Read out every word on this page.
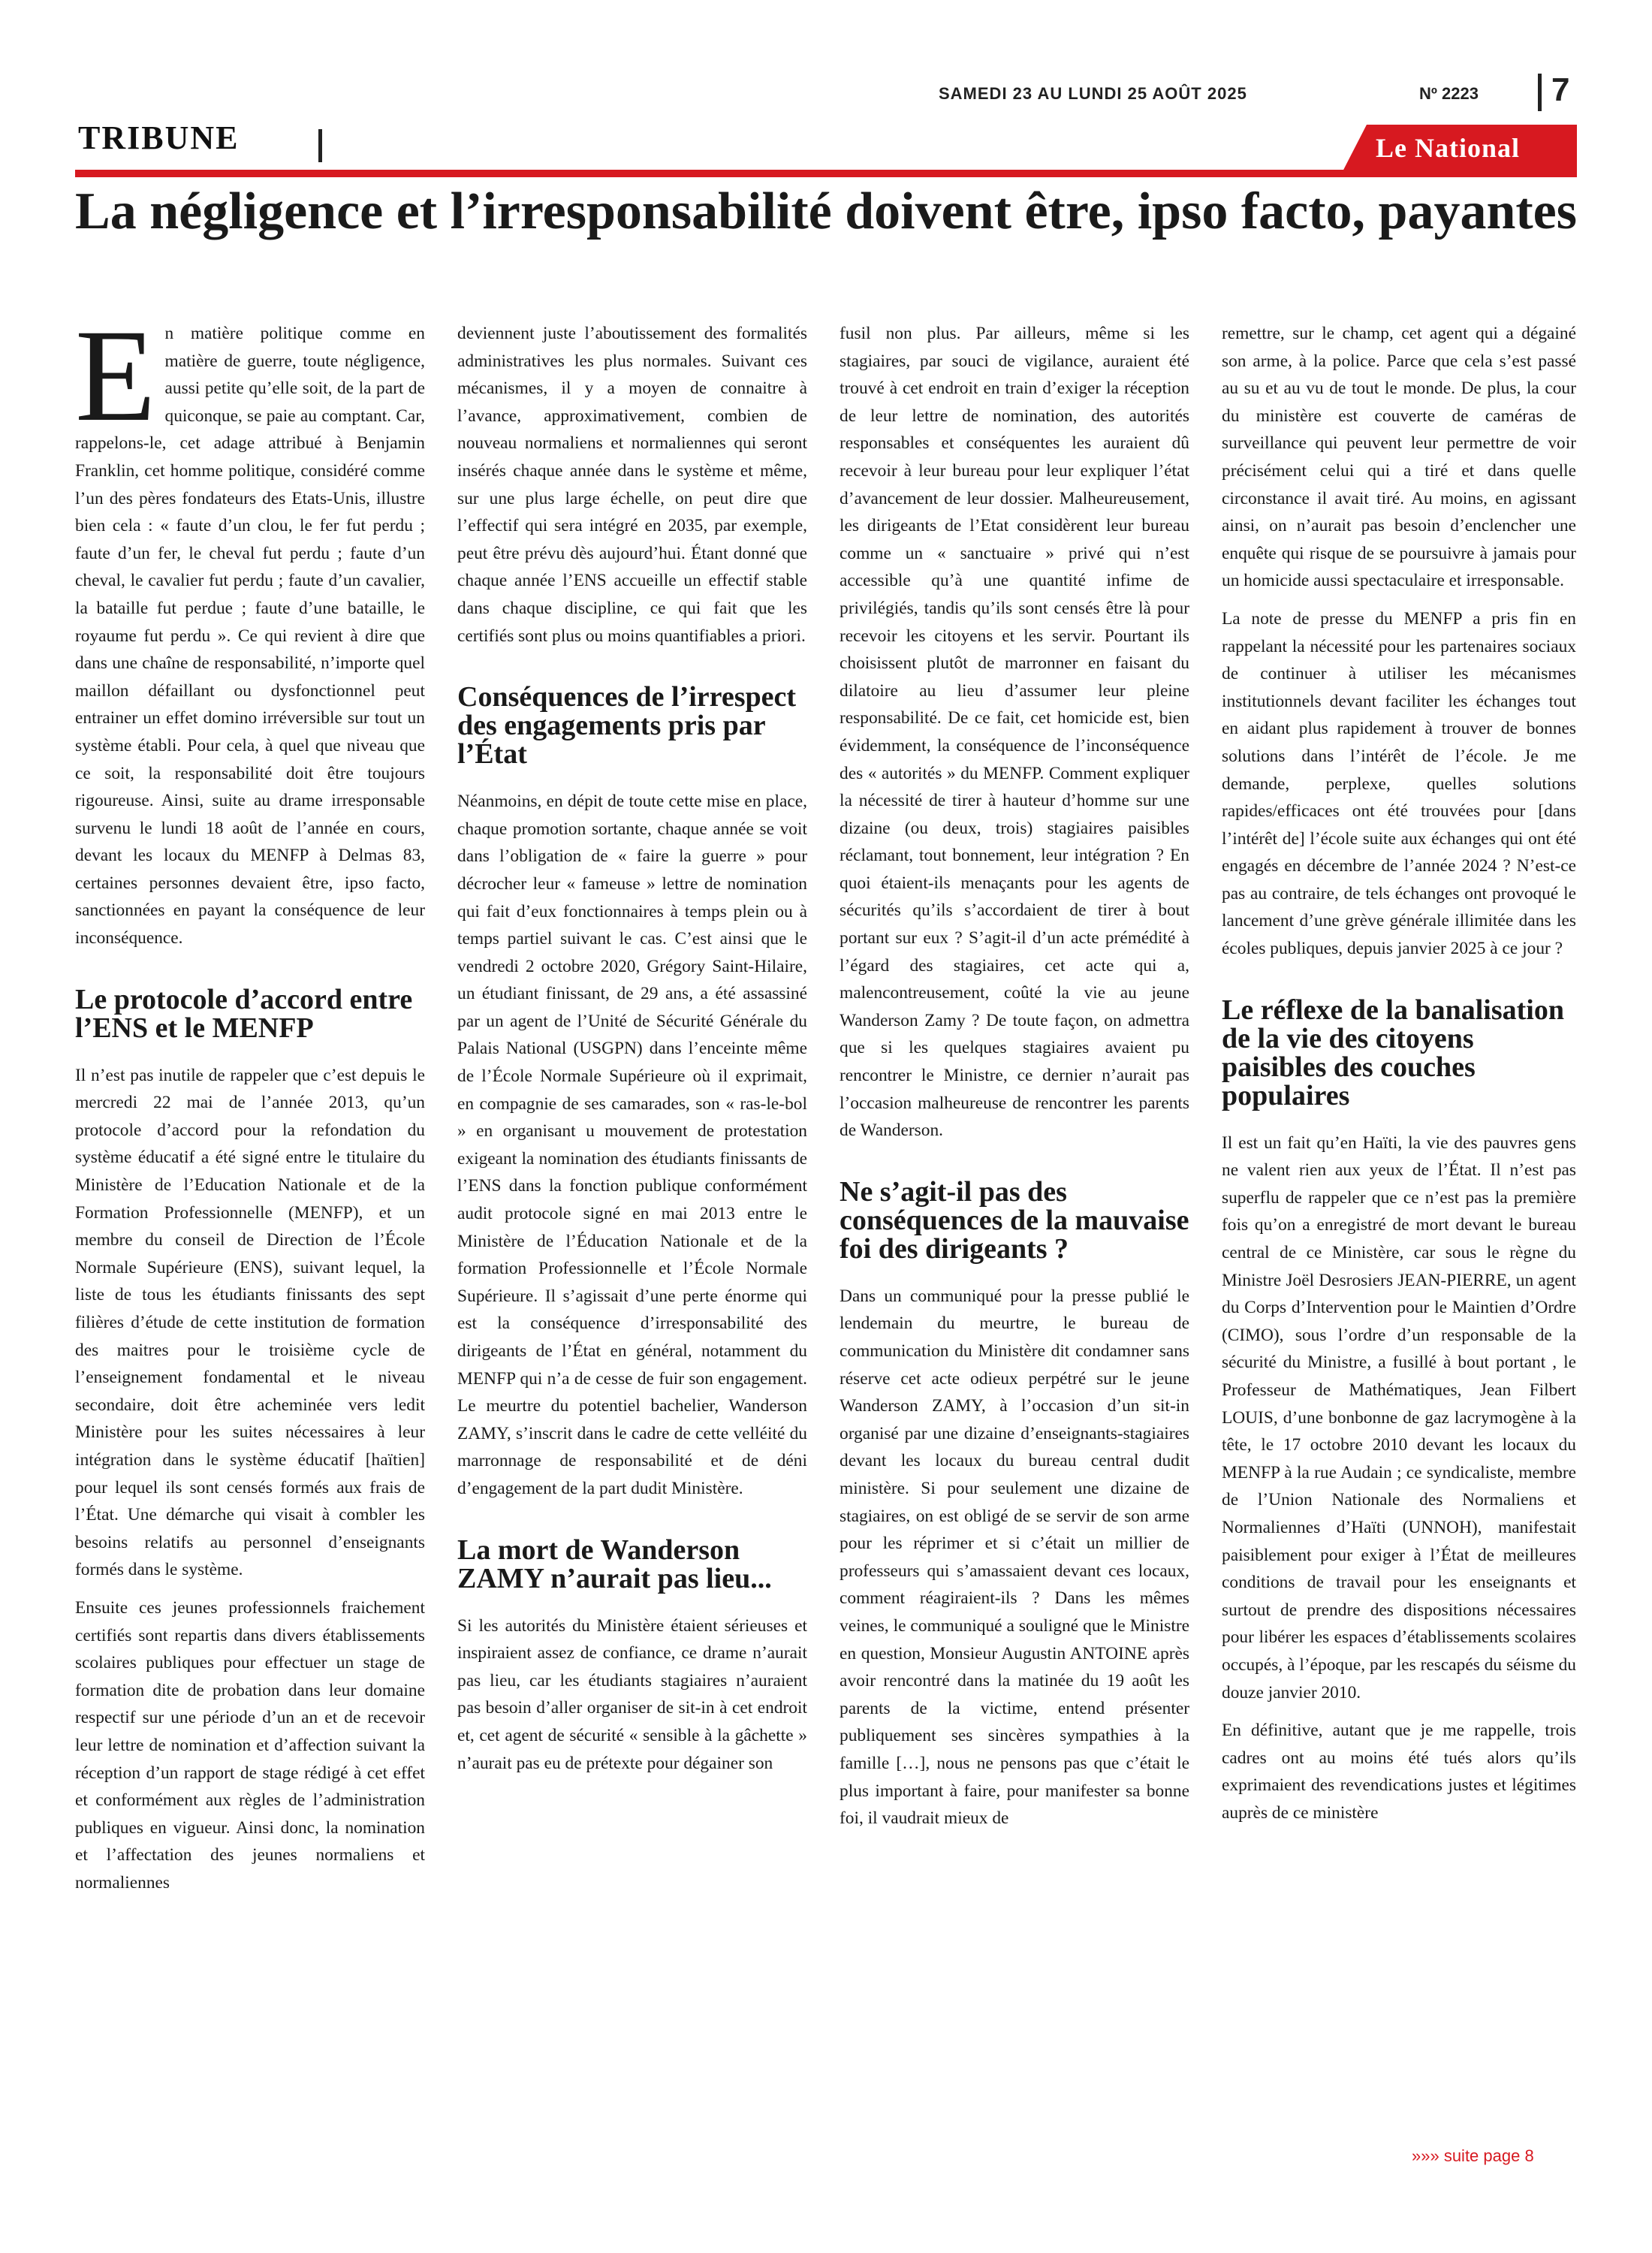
SAMEDI 23 AU LUNDI 25 AOÛT 2025	Nº 2223 7
TRIBUNE	Le National
La négligence et l’irresponsabilité doivent être, ipso facto, payantes

En matière politique comme en matière de guerre, toute négligence, aussi petite qu’elle soit, de la part de quiconque, se paie au comptant. Car, rappelons-le, cet adage attribué à Benjamin Franklin, cet homme politique, considéré comme l’un des pères fondateurs des Etats-Unis, illustre bien cela : « faute d’un clou, le fer fut perdu ; faute d’un fer, le cheval fut perdu ; faute d’un cheval, le cavalier fut perdu ; faute d’un cavalier, la bataille fut perdue ; faute d’une bataille, le royaume fut perdu ». Ce qui revient à dire que dans une chaîne de responsabilité, n’importe quel maillon défaillant ou dysfonctionnel peut entrainer un effet domino irréversible sur tout un système établi. Pour cela, à quel que niveau que ce soit, la responsabilité doit être toujours rigoureuse. Ainsi, suite au drame irresponsable survenu le lundi 18 août de l’année en cours, devant les locaux du MENFP à Delmas 83, certaines personnes devaient être, ipso facto, sanctionnées en payant la conséquence de leur inconséquence.

Le protocole d’accord entre l’ENS et le MENFP

Il n’est pas inutile de rappeler que c’est depuis le mercredi 22 mai de l’année 2013, qu’un protocole d’accord pour la refondation du système éducatif a été signé entre le titulaire du Ministère de l’Education Nationale et de la Formation Professionnelle (MENFP), et un membre du conseil de Direction de l’École Normale Supérieure (ENS), suivant lequel, la liste de tous les étudiants finissants des sept filières d’étude de cette institution de formation des maitres pour le troisième cycle de l’enseignement fondamental et le niveau secondaire, doit être acheminée vers ledit Ministère pour les suites nécessaires à leur intégration dans le système éducatif [haïtien] pour lequel ils sont censés formés aux frais de l’État. Une démarche qui visait à combler les besoins relatifs au personnel d’enseignants formés dans le système.

Ensuite ces jeunes professionnels fraichement certifiés sont repartis dans divers établissements scolaires publiques pour effectuer un stage de formation dite de probation dans leur domaine respectif sur une période d’un an et de recevoir leur lettre de nomination et d’affection suivant la réception d’un rapport de stage rédigé à cet effet et conformément aux règles de l’administration publiques en vigueur. Ainsi donc, la nomination et l’affectation des jeunes normaliens et normaliennes

deviennent juste l’aboutissement des formalités administratives les plus normales. Suivant ces mécanismes, il y a moyen de connaitre à l’avance, approximativement, combien de nouveau normaliens et normaliennes qui seront insérés chaque année dans le système et même, sur une plus large échelle, on peut dire que l’effectif qui sera intégré en 2035, par exemple, peut être prévu dès aujourd’hui. Étant donné que chaque année l’ENS accueille un effectif stable dans chaque discipline, ce qui fait que les certifiés sont plus ou moins quantifiables a priori.

Conséquences de l’irrespect des engagements pris par l’État

Néanmoins, en dépit de toute cette mise en place, chaque promotion sortante, chaque année se voit dans l’obligation de « faire la guerre » pour décrocher leur « fameuse » lettre de nomination qui fait d’eux fonctionnaires à temps plein ou à temps partiel suivant le cas. C’est ainsi que le vendredi 2 octobre 2020, Grégory Saint-Hilaire, un étudiant finissant, de 29 ans, a été assassiné par un agent de l’Unité de Sécurité Générale du Palais National (USGPN) dans l’enceinte même de l’École Normale Supérieure où il exprimait, en compagnie de ses camarades, son « ras-le-bol » en organisant u mouvement de protestation exigeant la nomination des étudiants finissants de l’ENS dans la fonction publique conformément audit protocole signé en mai 2013 entre le Ministère de l’Éducation Nationale et de la formation Professionnelle et l’École Normale Supérieure. Il s’agissait d’une perte énorme qui est la conséquence d’irresponsabilité des dirigeants de l’État en général, notamment du MENFP qui n’a de cesse de fuir son engagement. Le meurtre du potentiel bachelier, Wanderson ZAMY, s’inscrit dans le cadre de cette velléité du marronnage de responsabilité et de déni d’engagement de la part dudit Ministère.

La mort de Wanderson ZAMY n’aurait pas lieu...

Si les autorités du Ministère étaient sérieuses et inspiraient assez de confiance, ce drame n’aurait pas lieu, car les étudiants stagiaires n’auraient pas besoin d’aller organiser de sit-in à cet endroit et, cet agent de sécurité « sensible à la gâchette » n’aurait pas eu de prétexte pour dégainer son

fusil non plus. Par ailleurs, même si les stagiaires, par souci de vigilance, auraient été trouvé à cet endroit en train d’exiger la réception de leur lettre de nomination, des autorités responsables et conséquentes les auraient dû recevoir à leur bureau pour leur expliquer l’état d’avancement de leur dossier. Malheureusement, les dirigeants de l’Etat considèrent leur bureau comme un « sanctuaire » privé qui n’est accessible qu’à une quantité infime de privilégiés, tandis qu’ils sont censés être là pour recevoir les citoyens et les servir. Pourtant ils choisissent plutôt de marronner en faisant du dilatoire au lieu d’assumer leur pleine responsabilité. De ce fait, cet homicide est, bien évidemment, la conséquence de l’inconséquence des « autorités » du MENFP. Comment expliquer la nécessité de tirer à hauteur d’homme sur une dizaine (ou deux, trois) stagiaires paisibles réclamant, tout bonnement, leur intégration ? En quoi étaient-ils menaçants pour les agents de sécurités qu’ils s’accordaient de tirer à bout portant sur eux ? S’agit-il d’un acte prémédité à l’égard des stagiaires, cet acte qui a, malencontreusement, coûté la vie au jeune Wanderson Zamy ? De toute façon, on admettra que si les quelques stagiaires avaient pu rencontrer le Ministre, ce dernier n’aurait pas l’occasion malheureuse de rencontrer les parents de Wanderson.

Ne s’agit-il pas des conséquences de la mauvaise foi des dirigeants ?

Dans un communiqué pour la presse publié le lendemain du meurtre, le bureau de communication du Ministère dit condamner sans réserve cet acte odieux perpétré sur le jeune Wanderson ZAMY, à l’occasion d’un sit-in organisé par une dizaine d’enseignants-stagiaires devant les locaux du bureau central dudit ministère. Si pour seulement une dizaine de stagiaires, on est obligé de se servir de son arme pour les réprimer et si c’était un millier de professeurs qui s’amassaient devant ces locaux, comment réagiraient-ils ? Dans les mêmes veines, le communiqué a souligné que le Ministre en question, Monsieur Augustin ANTOINE après avoir rencontré dans la matinée du 19 août les parents de la victime, entend présenter publiquement ses sincères sympathies à la famille […], nous ne pensons pas que c’était le plus important à faire, pour manifester sa bonne foi, il vaudrait mieux de

remettre, sur le champ, cet agent qui a dégainé son arme, à la police. Parce que cela s’est passé au su et au vu de tout le monde. De plus, la cour du ministère est couverte de caméras de surveillance qui peuvent leur permettre de voir précisément celui qui a tiré et dans quelle circonstance il avait tiré. Au moins, en agissant ainsi, on n’aurait pas besoin d’enclencher une enquête qui risque de se poursuivre à jamais pour un homicide aussi spectaculaire et irresponsable.

La note de presse du MENFP a pris fin en rappelant la nécessité pour les partenaires sociaux de continuer à utiliser les mécanismes institutionnels devant faciliter les échanges tout en aidant plus rapidement à trouver de bonnes solutions dans l’intérêt de l’école. Je me demande, perplexe, quelles solutions rapides/efficaces ont été trouvées pour [dans l’intérêt de] l’école suite aux échanges qui ont été engagés en décembre de l’année 2024 ? N’est-ce pas au contraire, de tels échanges ont provoqué le lancement d’une grève générale illimitée dans les écoles publiques, depuis janvier 2025 à ce jour ?

Le réflexe de la banalisation de la vie des citoyens paisibles des couches populaires

Il est un fait qu’en Haïti, la vie des pauvres gens ne valent rien aux yeux de l’État. Il n’est pas superflu de rappeler que ce n’est pas la première fois qu’on a enregistré de mort devant le bureau central de ce Ministère, car sous le règne du Ministre Joël Desrosiers JEAN-PIERRE, un agent du Corps d’Intervention pour le Maintien d’Ordre (CIMO), sous l’ordre d’un responsable de la sécurité du Ministre, a fusillé à bout portant , le Professeur de Mathématiques, Jean Filbert LOUIS, d’une bonbonne de gaz lacrymogène à la tête, le 17 octobre 2010 devant les locaux du MENFP à la rue Audain ; ce syndicaliste, membre de l’Union Nationale des Normaliens et Normaliennes d’Haïti (UNNOH), manifestait paisiblement pour exiger à l’État de meilleures conditions de travail pour les enseignants et surtout de prendre des dispositions nécessaires pour libérer les espaces d’établissements scolaires occupés, à l’époque, par les rescapés du séisme du douze janvier 2010.

En définitive, autant que je me rappelle, trois cadres ont au moins été tués alors qu’ils exprimaient des revendications justes et légitimes auprès de ce ministère

»»» suite page 8
